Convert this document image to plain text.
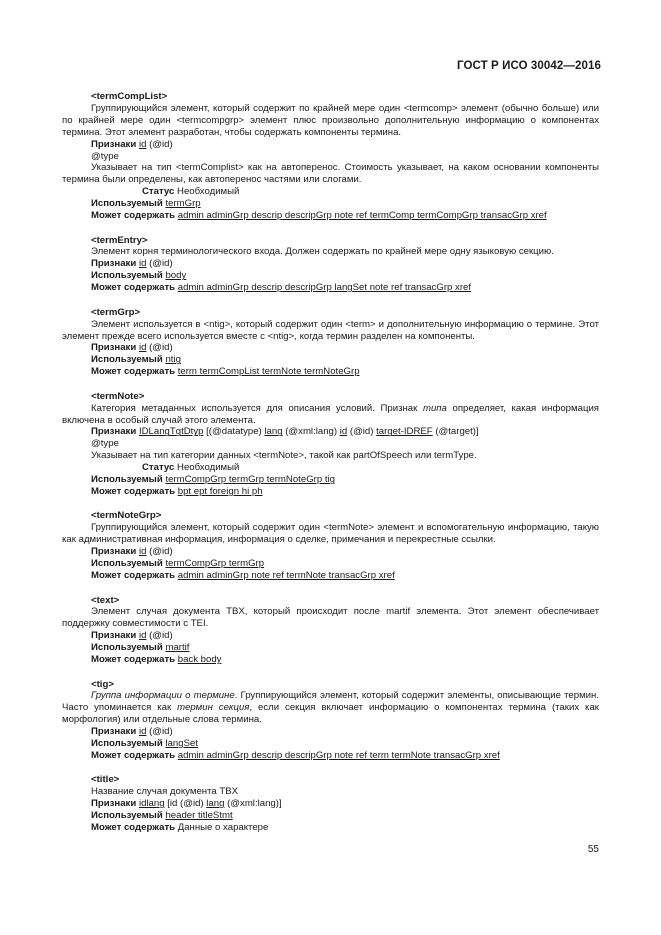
ГОСТ Р ИСО 30042—2016
<termCompList>
Группирующийся элемент, который содержит по крайней мере один <termcomp> элемент (обычно больше) или по крайней мере один <termcompgrp> элемент плюс произвольно дополнительную информацию о компонентах термина. Этот элемент разработан, чтобы содержать компоненты термина.
Признаки id (@id)
@type
Указывает на тип <termComplist> как на автоперенос. Стоимость указывает, на каком основании компоненты термина были определены, как автоперенос частями или слогами.
Статус Необходимый
Используемый termGrp
Может содержать admin adminGrp descrip descripGrp note ref termComp termCompGrp transacGrp xref
<termEntry>
Элемент корня терминологического входа. Должен содержать по крайней мере одну языковую секцию.
Признаки id (@id)
Используемый body
Может содержать admin adminGrp descrip descripGrp langSet note ref transacGrp xref
<termGrp>
Элемент используется в <ntig>, который содержит один <term> и дополнительную информацию о термине. Этот элемент прежде всего используется вместе с <ntig>, когда термин разделен на компоненты.
Признаки id (@id)
Используемый ntig
Может содержать term termCompList termNote termNoteGrp
<termNote>
Категория метаданных используется для описания условий. Признак типа определяет, какая информация включена в особый случай этого элемента.
Признаки IDLangTgtDtyp [(@datatype) lang (@xml:lang) id (@id) target-IDREF (@target)]
@type
Указывает на тип категории данных <termNote>, такой как partOfSpeech или termType.
Статус Необходимый
Используемый termCompGrp termGrp termNoteGrp tig
Может содержать bpt ept foreign hi ph
<termNoteGrp>
Группирующийся элемент, который содержит один <termNote> элемент и вспомогательную информацию, такую как административная информация, информация о сделке, примечания и перекрестные ссылки.
Признаки id (@id)
Используемый termCompGrp termGrp
Может содержать admin adminGrp note ref termNote transacGrp xref
<text>
Элемент случая документа TBX, который происходит после martif элемента. Этот элемент обеспечивает поддержку совместимости с TEI.
Признаки id (@id)
Используемый martif
Может содержать back body
<tig>
Группа информации о термине. Группирующийся элемент, который содержит элементы, описывающие термин. Часто упоминается как термин секция, если секция включает информацию о компонентах термина (таких как морфология) или отдельные слова термина.
Признаки id (@id)
Используемый langSet
Может содержать admin adminGrp descrip descripGrp note ref term termNote transacGrp xref
<title>
Название случая документа TBX
Признаки idlang [id (@id) lang (@xml:lang)]
Используемый header titleStmt
Может содержать Данные о характере
55
